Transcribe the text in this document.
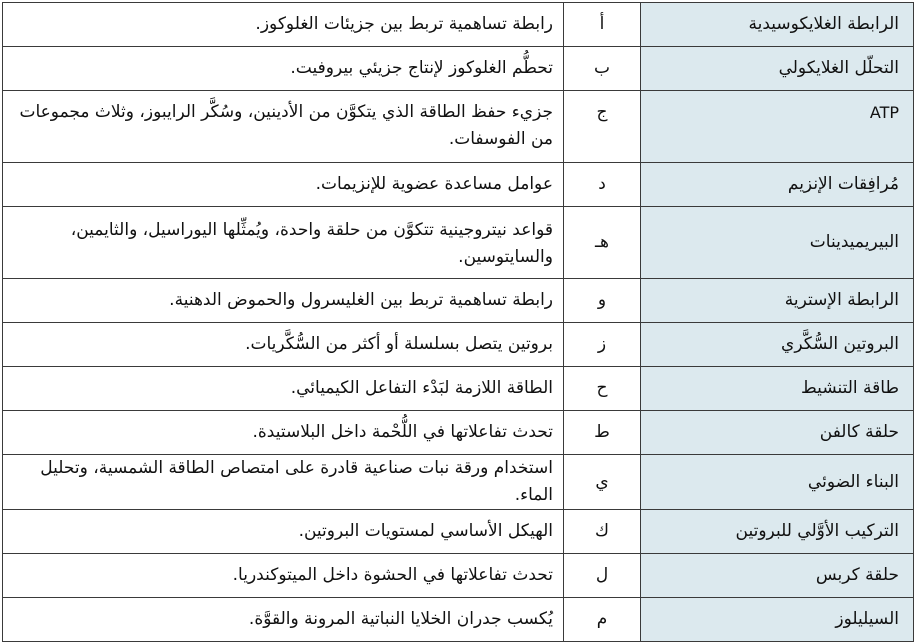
الرابطة الغلايكوسيدية	أ	رابطة تساهمية تربط بين جزيئات الغلوكوز.
التحلّل الغلايكولي	ب	تحطُّم الغلوكوز لإنتاج جزيئي بيروفيت.
ATP	ج	جزيء حفظ الطاقة الذي يتكوَّن من الأدينين، وسُكَّر الرايبوز، وثلاث مجموعات من الفوسفات.
مُرافِقات الإنزيم	د	عوامل مساعدة عضوية للإنزيمات.
البيريميدينات	هـ	قواعد نيتروجينية تتكوَّن من حلقة واحدة، ويُمثِّلها اليوراسيل، والثايمين، والسايتوسين.
الرابطة الإسترية	و	رابطة تساهمية تربط بين الغليسرول والحموض الدهنية.
البروتين السُّكَّري	ز	بروتين يتصل بسلسلة أو أكثر من السُّكَّريات.
طاقة التنشيط	ح	الطاقة اللازمة لبَدْء التفاعل الكيميائي.
حلقة كالفن	ط	تحدث تفاعلاتها في اللُّحْمة داخل البلاستيدة.
البناء الضوئي	ي	استخدام ورقة نبات صناعية قادرة على امتصاص الطاقة الشمسية، وتحليل الماء.
التركيب الأوَّلي للبروتين	ك	الهيكل الأساسي لمستويات البروتين.
حلقة كربس	ل	تحدث تفاعلاتها في الحشوة داخل الميتوكندريا.
السيليلوز	م	يُكسب جدران الخلايا النباتية المرونة والقوَّة.
